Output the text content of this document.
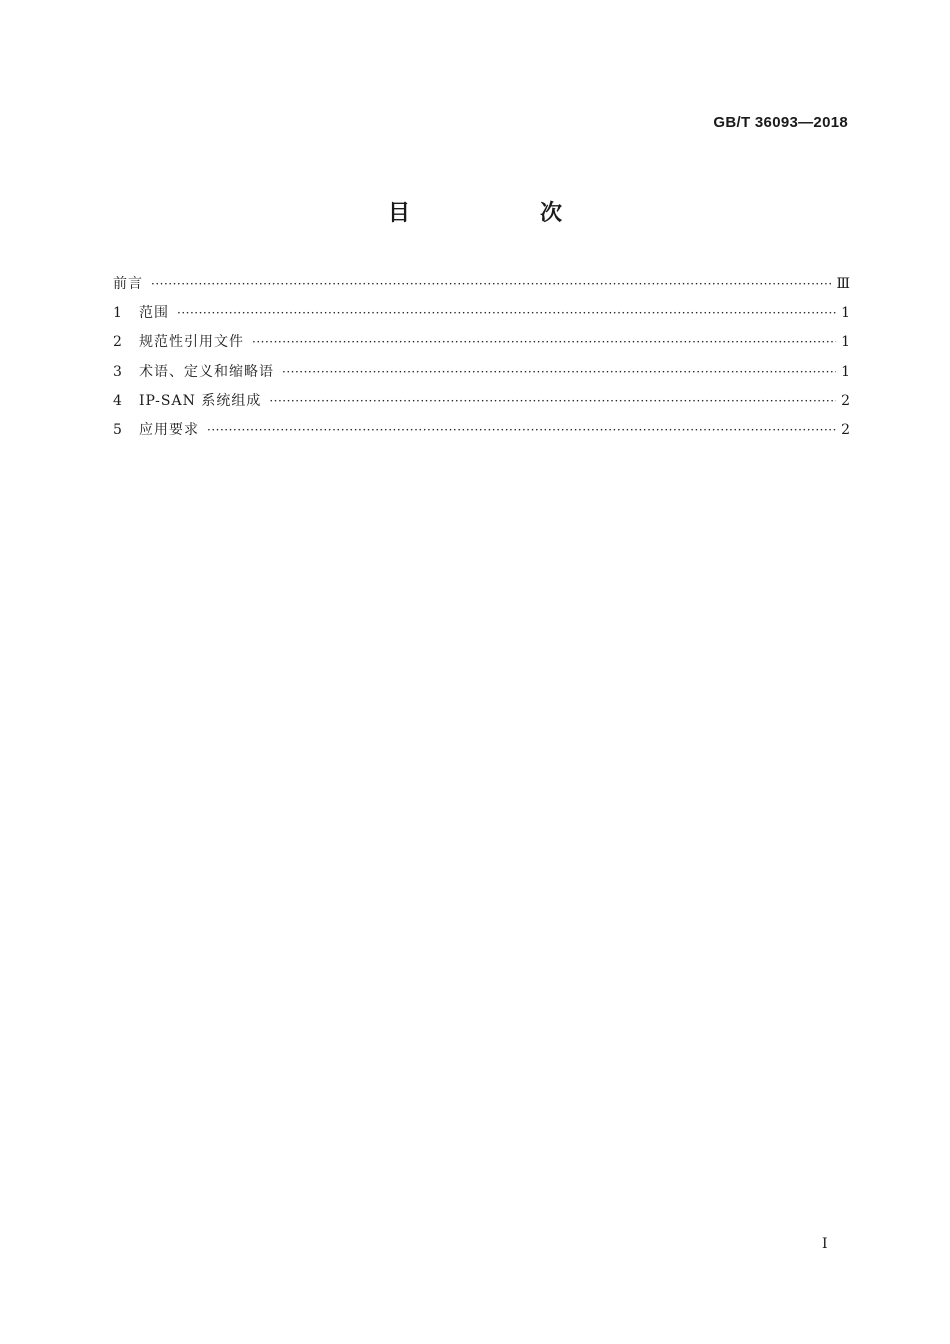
GB/T 36093—2018
目　次
前言 ·····	Ⅲ
1	范围 ·····	1
2	规范性引用文件 ·····	1
3	术语、定义和缩略语 ·····	1
4	IP-SAN 系统组成 ·····	2
5	应用要求 ·····	2
I
